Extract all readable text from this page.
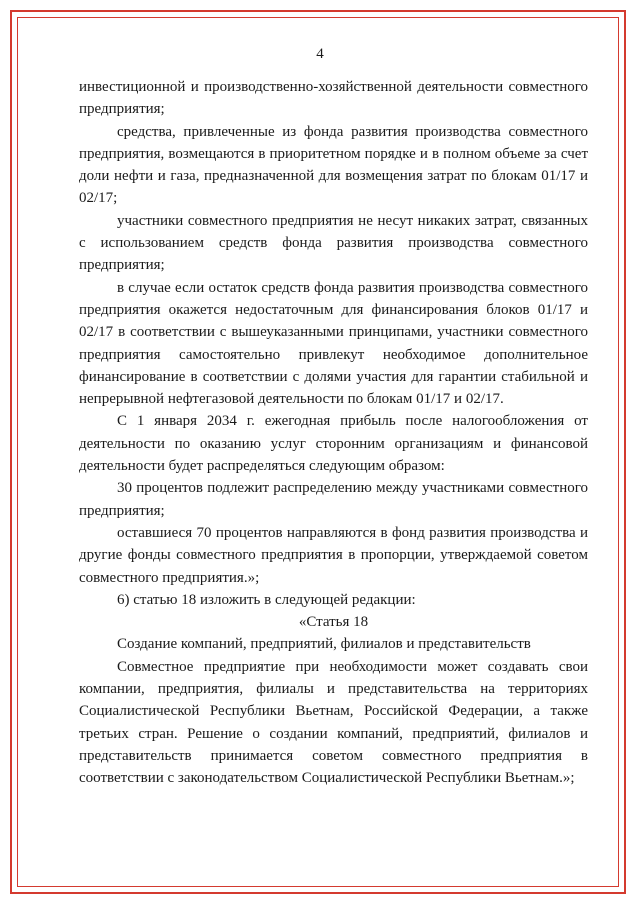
4

инвестиционной и производственно-хозяйственной деятельности совместного предприятия;

средства, привлеченные из фонда развития производства совместного предприятия, возмещаются в приоритетном порядке и в полном объеме за счет доли нефти и газа, предназначенной для возмещения затрат по блокам 01/17 и 02/17;

участники совместного предприятия не несут никаких затрат, связанных с использованием средств фонда развития производства совместного предприятия;

в случае если остаток средств фонда развития производства совместного предприятия окажется недостаточным для финансирования блоков 01/17 и 02/17 в соответствии с вышеуказанными принципами, участники совместного предприятия самостоятельно привлекут необходимое дополнительное финансирование в соответствии с долями участия для гарантии стабильной и непрерывной нефтегазовой деятельности по блокам 01/17 и 02/17.

С 1 января 2034 г. ежегодная прибыль после налогообложения от деятельности по оказанию услуг сторонним организациям и финансовой деятельности будет распределяться следующим образом:

30 процентов подлежит распределению между участниками совместного предприятия;

оставшиеся 70 процентов направляются в фонд развития производства и другие фонды совместного предприятия в пропорции, утверждаемой советом совместного предприятия.»;

6) статью 18 изложить в следующей редакции:

«Статья 18

Создание компаний, предприятий, филиалов и представительств

Совместное предприятие при необходимости может создавать свои компании, предприятия, филиалы и представительства на территориях Социалистической Республики Вьетнам, Российской Федерации, а также третьих стран. Решение о создании компаний, предприятий, филиалов и представительств принимается советом совместного предприятия в соответствии с законодательством Социалистической Республики Вьетнам.»;
